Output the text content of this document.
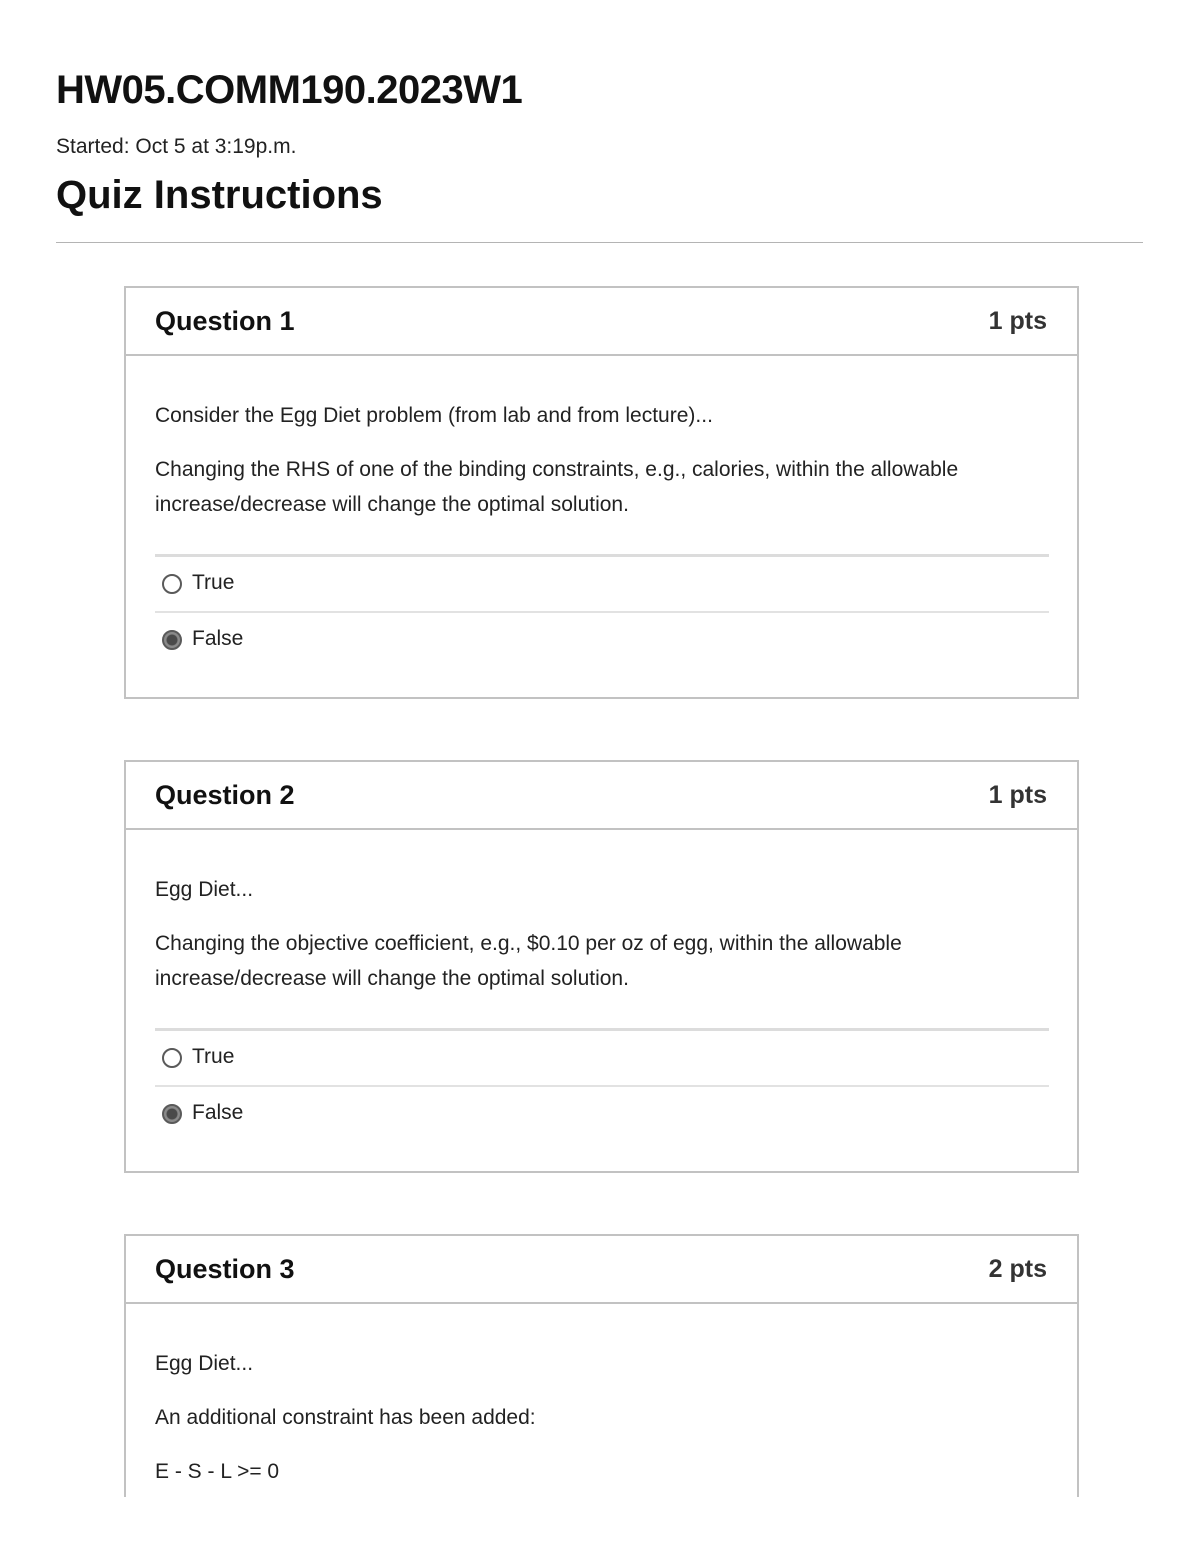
HW05.COMM190.2023W1
Started: Oct 5 at 3:19p.m.
Quiz Instructions
Question 1	1 pts

Consider the Egg Diet problem (from lab and from lecture)...

Changing the RHS of one of the binding constraints, e.g., calories, within the allowable increase/decrease will change the optimal solution.

True
False
Question 2	1 pts

Egg Diet...

Changing the objective coefficient, e.g., $0.10 per oz of egg, within the allowable increase/decrease will change the optimal solution.

True
False
Question 3	2 pts

Egg Diet...

An additional constraint has been added:

E - S - L >= 0
